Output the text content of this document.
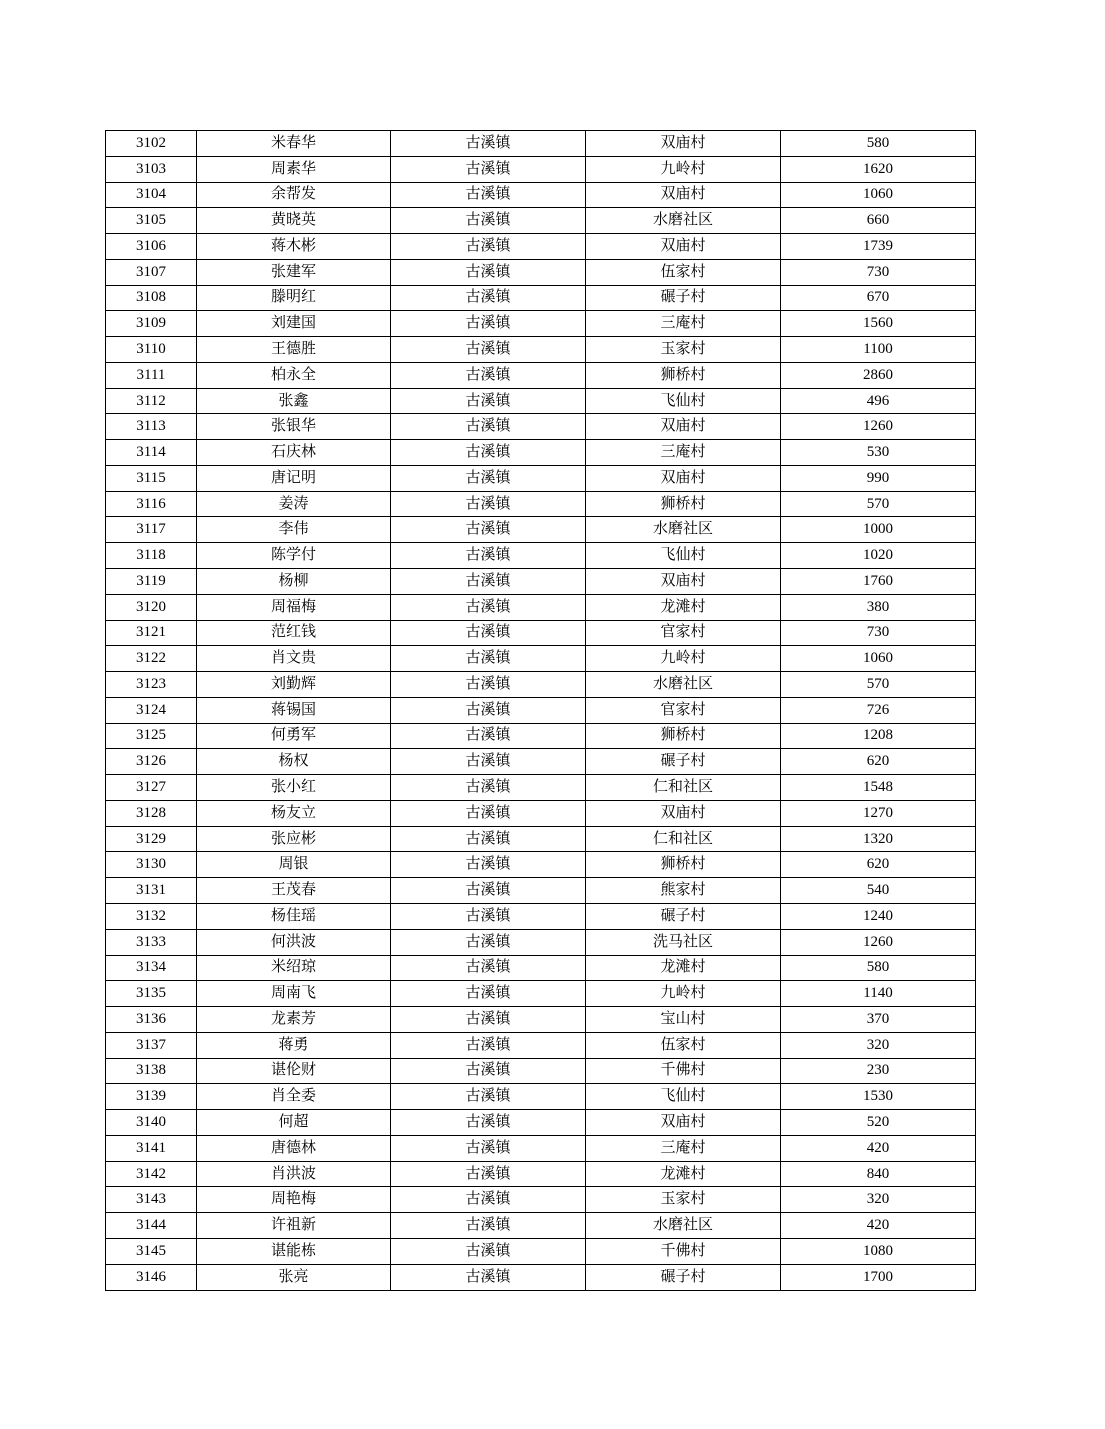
3102	米春华	古溪镇	双庙村	580
3103	周素华	古溪镇	九岭村	1620
3104	余帮发	古溪镇	双庙村	1060
3105	黄晓英	古溪镇	水磨社区	660
3106	蒋木彬	古溪镇	双庙村	1739
3107	张建军	古溪镇	伍家村	730
3108	滕明红	古溪镇	碾子村	670
3109	刘建国	古溪镇	三庵村	1560
3110	王德胜	古溪镇	玉家村	1100
3111	柏永全	古溪镇	狮桥村	2860
3112	张鑫	古溪镇	飞仙村	496
3113	张银华	古溪镇	双庙村	1260
3114	石庆林	古溪镇	三庵村	530
3115	唐记明	古溪镇	双庙村	990
3116	姜涛	古溪镇	狮桥村	570
3117	李伟	古溪镇	水磨社区	1000
3118	陈学付	古溪镇	飞仙村	1020
3119	杨柳	古溪镇	双庙村	1760
3120	周福梅	古溪镇	龙滩村	380
3121	范红钱	古溪镇	官家村	730
3122	肖文贵	古溪镇	九岭村	1060
3123	刘勤辉	古溪镇	水磨社区	570
3124	蒋锡国	古溪镇	官家村	726
3125	何勇军	古溪镇	狮桥村	1208
3126	杨权	古溪镇	碾子村	620
3127	张小红	古溪镇	仁和社区	1548
3128	杨友立	古溪镇	双庙村	1270
3129	张应彬	古溪镇	仁和社区	1320
3130	周银	古溪镇	狮桥村	620
3131	王茂春	古溪镇	熊家村	540
3132	杨佳瑶	古溪镇	碾子村	1240
3133	何洪波	古溪镇	洗马社区	1260
3134	米绍琼	古溪镇	龙滩村	580
3135	周南飞	古溪镇	九岭村	1140
3136	龙素芳	古溪镇	宝山村	370
3137	蒋勇	古溪镇	伍家村	320
3138	谌伦财	古溪镇	千佛村	230
3139	肖全委	古溪镇	飞仙村	1530
3140	何超	古溪镇	双庙村	520
3141	唐德林	古溪镇	三庵村	420
3142	肖洪波	古溪镇	龙滩村	840
3143	周艳梅	古溪镇	玉家村	320
3144	许祖新	古溪镇	水磨社区	420
3145	谌能栋	古溪镇	千佛村	1080
3146	张亮	古溪镇	碾子村	1700
